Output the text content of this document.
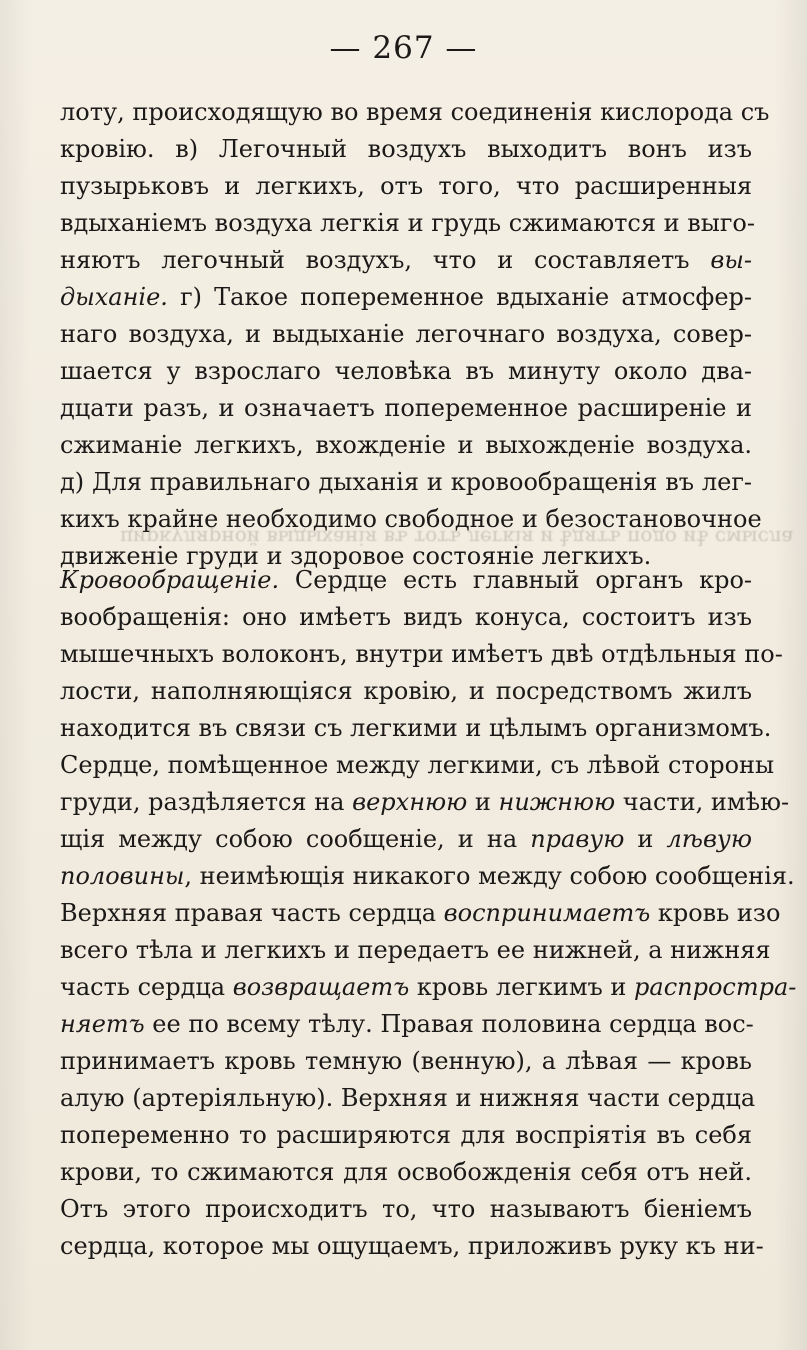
— 267 —
лоту, происходящую во время соединенія кислорода съ
кровію. в) Легочный воздухъ выходитъ вонъ изъ
пузырьковъ и легкихъ, отъ того, что расширенныя
вдыханіемъ воздуха легкія и грудь сжимаются и выго-
няютъ легочный воздухъ, что и составляетъ вы-
дыханіе. г) Такое попеременное вдыханіе атмосфер-
наго воздуха, и выдыханіе легочнаго воздуха, совер-
шается у взрослаго человѣка въ минуту около два-
дцати разъ, и означаетъ попеременное расширеніе и
сжиманіе легкихъ, вхожденіе и выхожденіе воздуха.
д) Для правильнаго дыханія и кровообращенія въ лег-
кихъ крайне необходимо свободное и безостановочное
движеніе груди и здоровое состояніе легкихъ.
циркулярной выдыханія въ тотъ легкія и ѣдятъ подо иѣ смысла
Кровообращеніе. Сердце есть главный органъ кро-
вообращенія: оно имѣетъ видъ конуса, состоитъ изъ
мышечныхъ волоконъ, внутри имѣетъ двѣ отдѣльныя по-
лости, наполняющіяся кровію, и посредствомъ жилъ
находится въ связи съ легкими и цѣлымъ организмомъ.
Сердце, помѣщенное между легкими, съ лѣвой стороны
груди, раздѣляется на верхнюю и нижнюю части, имѣю-
щія между собою сообщеніе, и на правую и лѣвую
половины, неимѣющія никакого между собою сообщенія.
Верхняя правая часть сердца воспринимаетъ кровь изо
всего тѣла и легкихъ и передаетъ ее нижней, а нижняя
часть сердца возвращаетъ кровь легкимъ и распростра-
няетъ ее по всему тѣлу. Правая половина сердца вос-
принимаетъ кровь темную (венную), а лѣвая — кровь
алую (артеріяльную). Верхняя и нижняя части сердца
попеременно то расширяются для воспріятія въ себя
крови, то сжимаются для освобожденія себя отъ ней.
Отъ этого происходитъ то, что называютъ біеніемъ
сердца, которое мы ощущаемъ, приложивъ руку къ ни-
